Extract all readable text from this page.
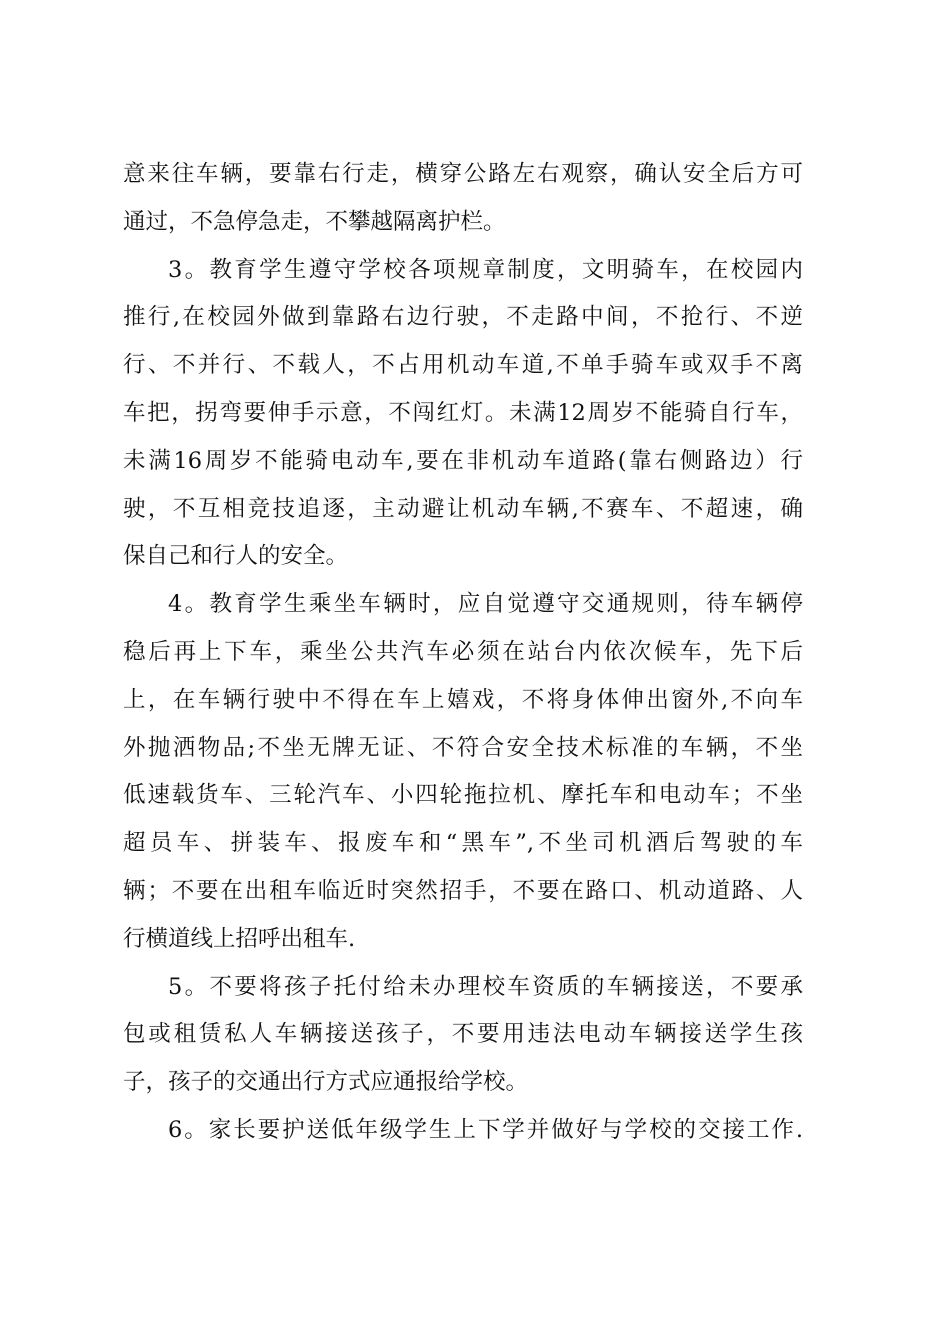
意来往车辆，要靠右行走，横穿公路左右观察，确认安全后方可
通过，不急停急走，不攀越隔离护栏。
3。教育学生遵守学校各项规章制度，文明骑车，在校园内
推行,在校园外做到靠路右边行驶，不走路中间，不抢行、不逆
行、不并行、不载人，不占用机动车道,不单手骑车或双手不离
车把，拐弯要伸手示意，不闯红灯。未满12周岁不能骑自行车，
未满16周岁不能骑电动车,要在非机动车道路(靠右侧路边）行
驶，不互相竞技追逐，主动避让机动车辆,不赛车、不超速，确
保自己和行人的安全。
4。教育学生乘坐车辆时，应自觉遵守交通规则，待车辆停
稳后再上下车，乘坐公共汽车必须在站台内依次候车，先下后
上，在车辆行驶中不得在车上嬉戏，不将身体伸出窗外,不向车
外抛洒物品;不坐无牌无证、不符合安全技术标准的车辆，不坐
低速载货车、三轮汽车、小四轮拖拉机、摩托车和电动车；不坐
超员车、拼装车、报废车和“黑车”,不坐司机酒后驾驶的车
辆；不要在出租车临近时突然招手，不要在路口、机动道路、人
行横道线上招呼出租车.
5。不要将孩子托付给未办理校车资质的车辆接送，不要承
包或租赁私人车辆接送孩子，不要用违法电动车辆接送学生孩
子，孩子的交通出行方式应通报给学校。
6。家长要护送低年级学生上下学并做好与学校的交接工作.
